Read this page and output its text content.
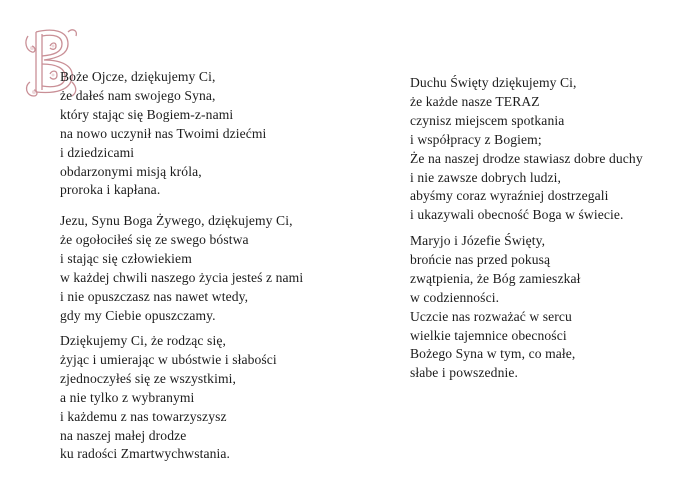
Boże Ojcze, dziękujemy Ci,
że dałeś nam swojego Syna,
który stając się Bogiem-z-nami
na nowo uczynił nas Twoimi dziećmi
i dziedzicami
obdarzonymi misją króla,
proroka i kapłana.
Jezu, Synu Boga Żywego, dziękujemy Ci,
że ogołociłeś się ze swego bóstwa
i stając się człowiekiem
w każdej chwili naszego życia jesteś z nami
i nie opuszczasz nas nawet wtedy,
gdy my Ciebie opuszczamy.
Dziękujemy Ci, że rodząc się,
żyjąc i umierając w ubóstwie i słabości
zjednoczyłeś się ze wszystkimi,
a nie tylko z wybranymi
i każdemu z nas towarzyszysz
na naszej małej drodze
ku radości Zmartwychwstania.
Duchu Święty dziękujemy Ci,
że każde nasze TERAZ
czynisz miejscem spotkania
i współpracy z Bogiem;
Że na naszej drodze stawiasz dobre duchy
i nie zawsze dobrych ludzi,
abyśmy coraz wyraźniej dostrzegali
i ukazywali obecność Boga w świecie.
Maryjo i Józefie Święty,
brońcie nas przed pokusą
zwątpienia, że Bóg zamieszkał
w codzienności.
Uczcie nas rozważać w sercu
wielkie tajemnice obecności
Bożego Syna w tym, co małe,
słabe i powszednie.
